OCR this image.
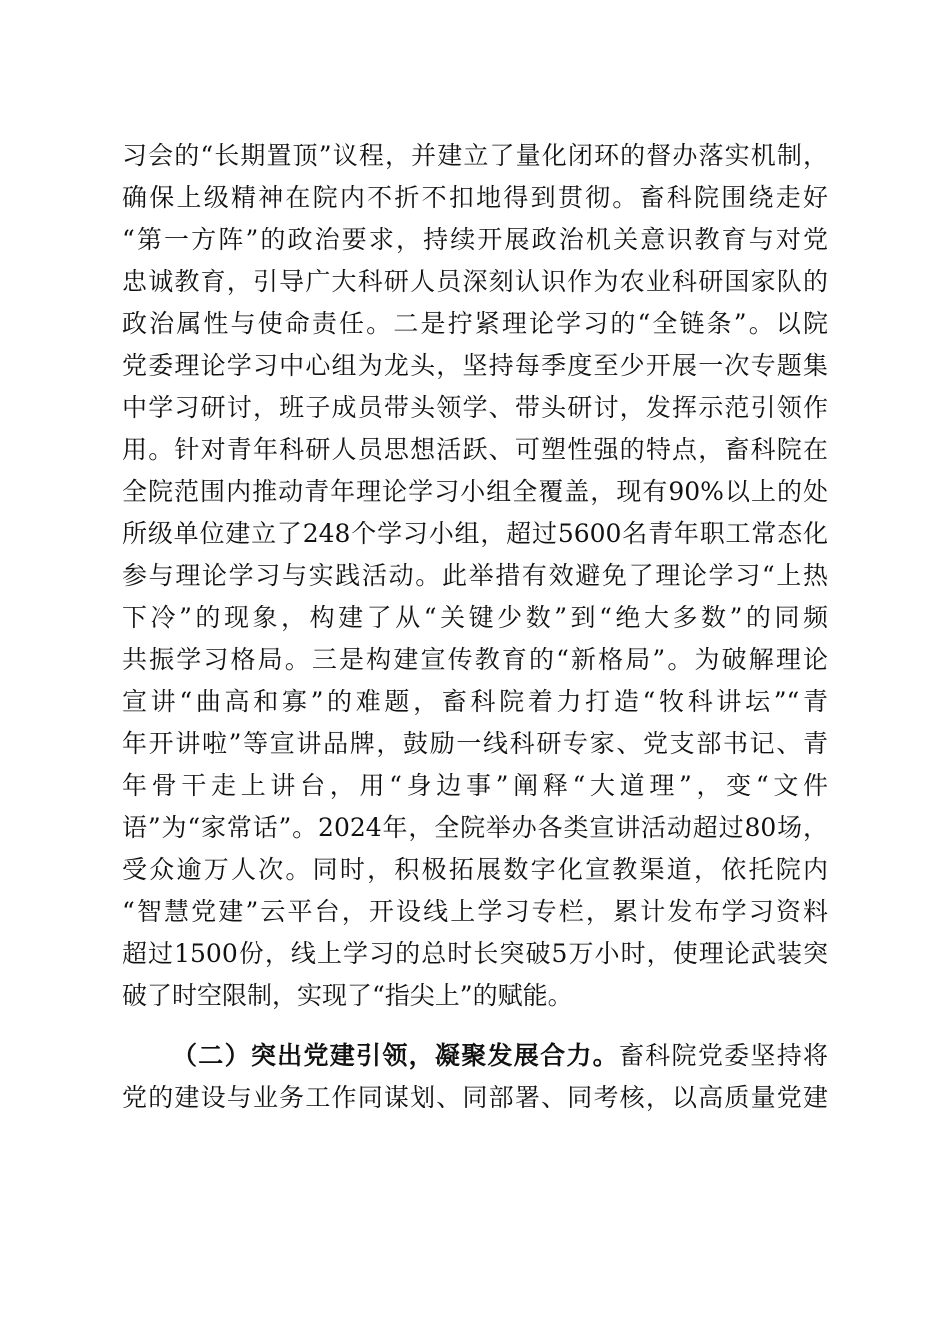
习会的“长期置顶”议程，并建立了量化闭环的督办落实机制，
确保上级精神在院内不折不扣地得到贯彻。畜科院围绕走好
“第一方阵”的政治要求，持续开展政治机关意识教育与对党
忠诚教育，引导广大科研人员深刻认识作为农业科研国家队的
政治属性与使命责任。二是拧紧理论学习的“全链条”。以院
党委理论学习中心组为龙头，坚持每季度至少开展一次专题集
中学习研讨，班子成员带头领学、带头研讨，发挥示范引领作
用。针对青年科研人员思想活跃、可塑性强的特点，畜科院在
全院范围内推动青年理论学习小组全覆盖，现有90%以上的处
所级单位建立了248个学习小组，超过5600名青年职工常态化
参与理论学习与实践活动。此举措有效避免了理论学习“上热
下冷”的现象，构建了从“关键少数”到“绝大多数”的同频
共振学习格局。三是构建宣传教育的“新格局”。为破解理论
宣讲“曲高和寡”的难题，畜科院着力打造“牧科讲坛”“青
年开讲啦”等宣讲品牌，鼓励一线科研专家、党支部书记、青
年骨干走上讲台，用“身边事”阐释“大道理”，变“文件
语”为“家常话”。2024年，全院举办各类宣讲活动超过80场，
受众逾万人次。同时，积极拓展数字化宣教渠道，依托院内
“智慧党建”云平台，开设线上学习专栏，累计发布学习资料
超过1500份，线上学习的总时长突破5万小时，使理论武装突
破了时空限制，实现了“指尖上”的赋能。
（二）突出党建引领，凝聚发展合力。畜科院党委坚持将
党的建设与业务工作同谋划、同部署、同考核，以高质量党建
